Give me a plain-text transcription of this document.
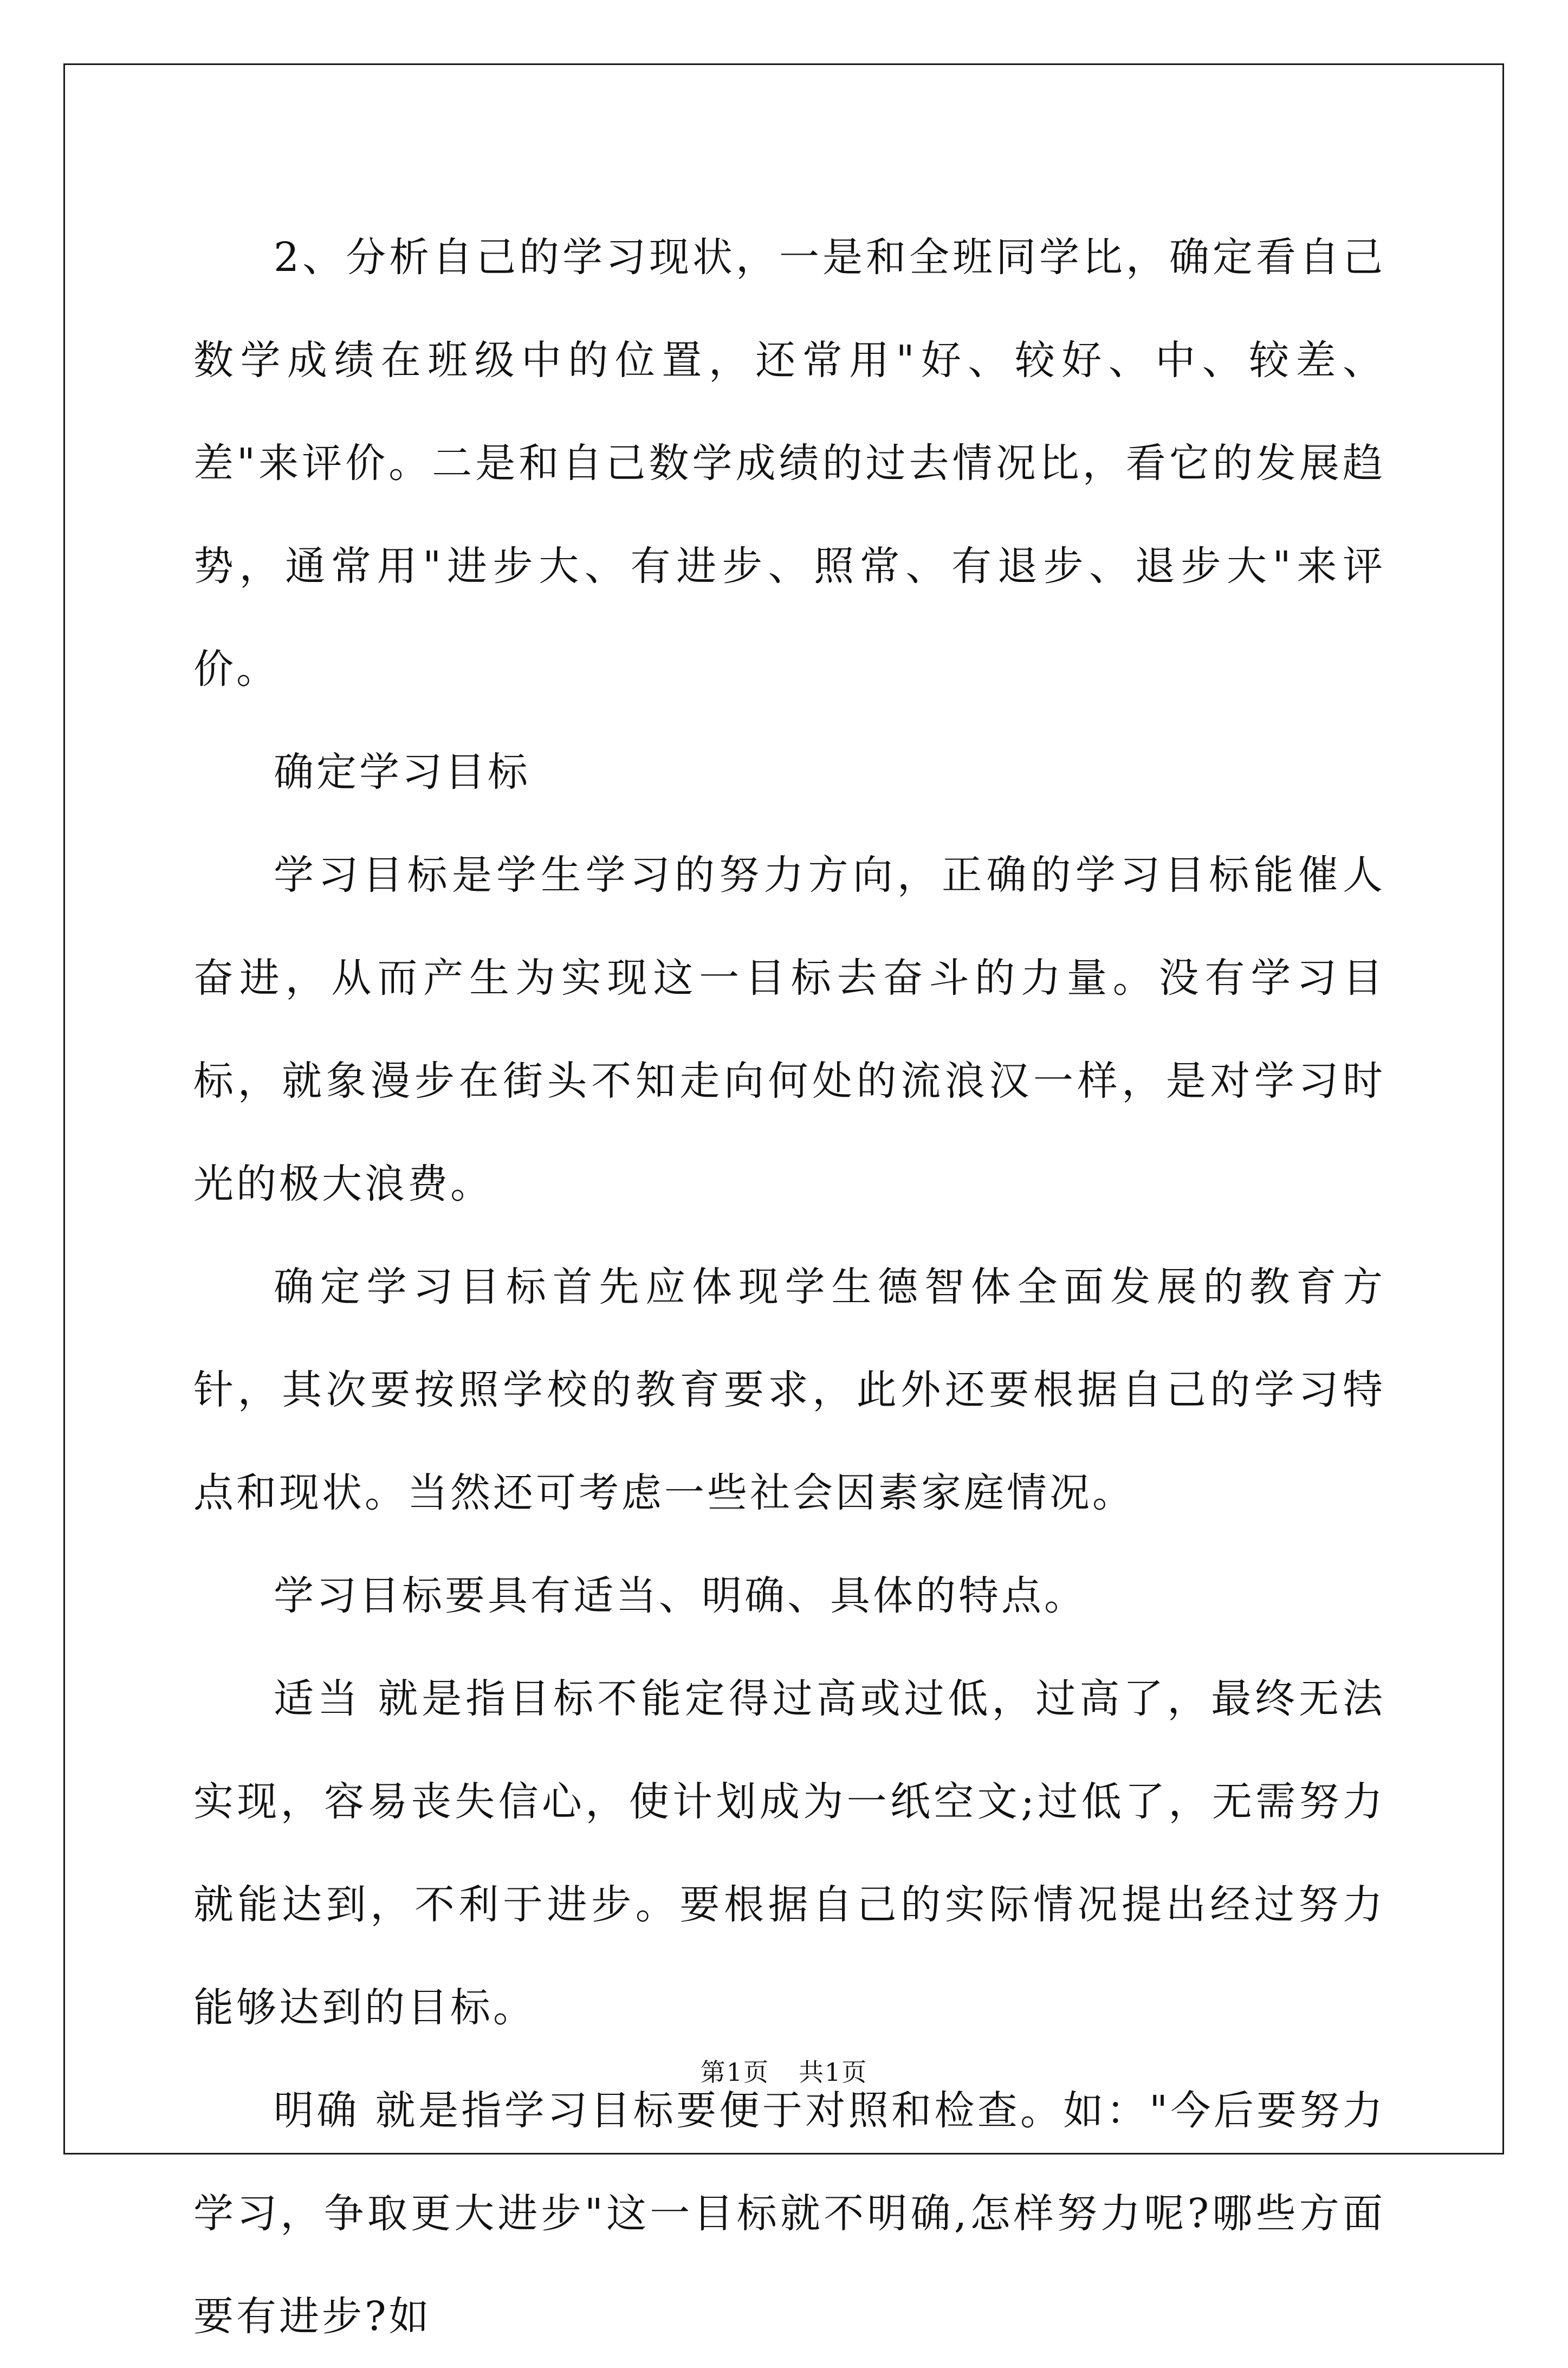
2、分析自己的学习现状，一是和全班同学比，确定看自己数学成绩在班级中的位置，还常用"好、较好、中、较差、差"来评价。二是和自己数学成绩的过去情况比，看它的发展趋势，通常用"进步大、有进步、照常、有退步、退步大"来评价。

确定学习目标

学习目标是学生学习的努力方向，正确的学习目标能催人奋进，从而产生为实现这一目标去奋斗的力量。没有学习目标，就象漫步在街头不知走向何处的流浪汉一样，是对学习时光的极大浪费。

确定学习目标首先应体现学生德智体全面发展的教育方针，其次要按照学校的教育要求，此外还要根据自己的学习特点和现状。当然还可考虑一些社会因素家庭情况。

学习目标要具有适当、明确、具体的特点。

适当 就是指目标不能定得过高或过低，过高了，最终无法实现，容易丧失信心，使计划成为一纸空文;过低了，无需努力就能达到，不利于进步。要根据自己的实际情况提出经过努力能够达到的目标。

明确 就是指学习目标要便于对照和检查。如："今后要努力学习，争取更大进步"这一目标就不明确,怎样努力呢?哪些方面要有进步?如

第1页 共1页
